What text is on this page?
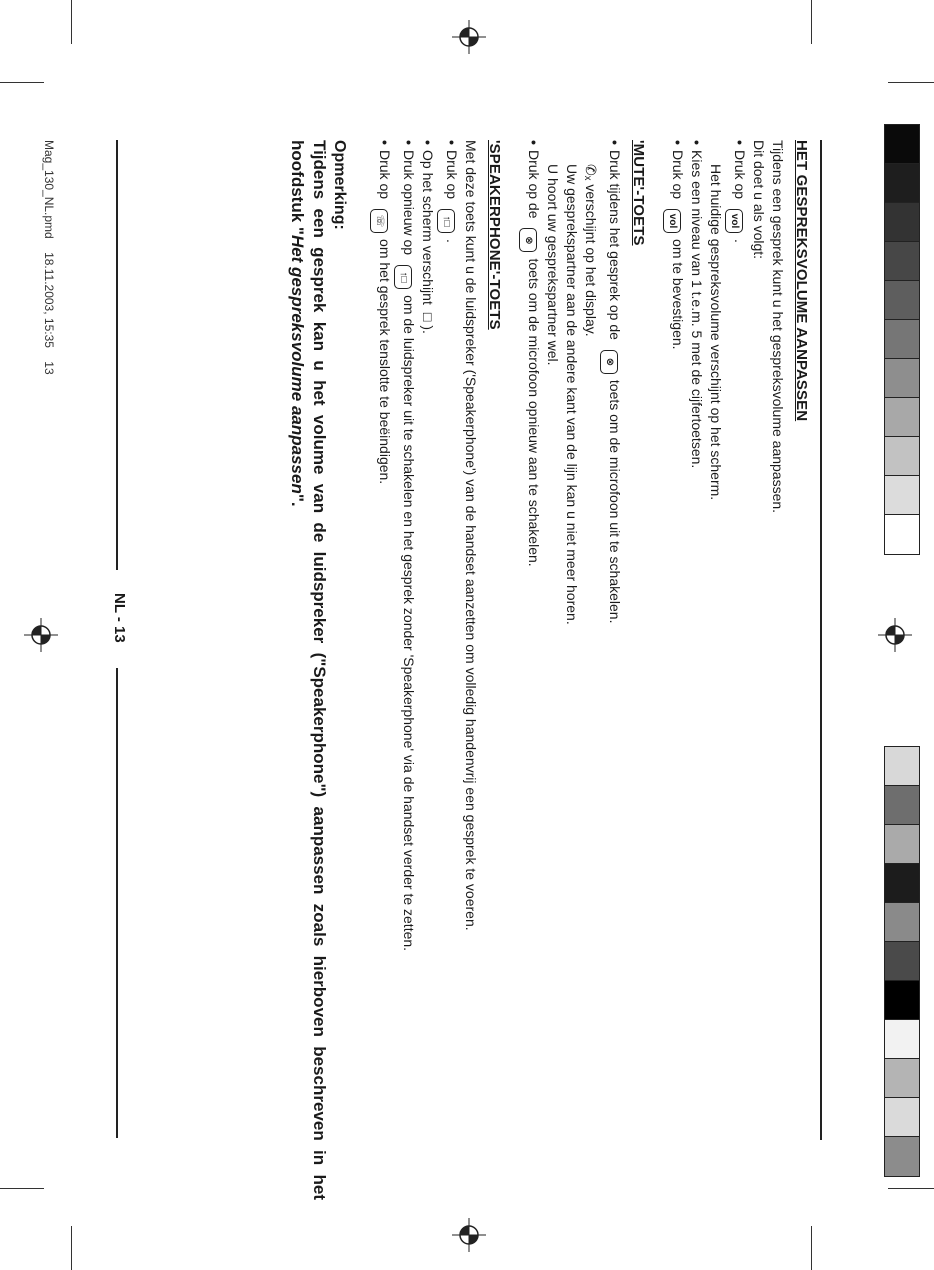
HET GESPREKSVOLUME AANPASSEN

Tijdens een gesprek kunt u het gespreksvolume aanpassen.

Dit doet u als volgt:

• Druk opvol.

Het huidige gespreksvolume verschijnt op het scherm.

• Kies een niveau van 1 t.e.m. 5 met de cijfertoetsen.

• Druk opvolom te bevestigen.

'MUTE'-TOETS

• Druk tijdens het gesprek op de⊗toets om de microfoon uit te schakelen.

✆ₓverschijnt op het display.

Uw gesprekspartner aan de andere kant van de lijn kan u niet meer horen.

U hoort uw gesprekspartner wel.

• Druk op de⊗toets om de microfoon opnieuw aan te schakelen.

'SPEAKERPHONE'-TOETS

Met deze toets kunt u de luidspreker ('Speakerphone') van de handset aanzetten om volledig handenvrij een gesprek te voeren.

• Druk op↑□.

• Op het scherm verschijnt□).

• Druk opnieuw op↑□om de luidspreker uit te schakelen en het gesprek zonder 'Speakerphone' via de handset verder te zetten.

• Druk op☏om het gesprek tenslotte te beëindigen.

Opmerking:

Tijdens een gesprek kan u het volume van de luidspreker ("Speakerphone") aanpassen zoals hierboven beschreven in het hoofdstuk "Het gespreksvolume aanpassen".

NL - 13
Mag_130_NL.pmd    18.11.2003, 15:35    13
